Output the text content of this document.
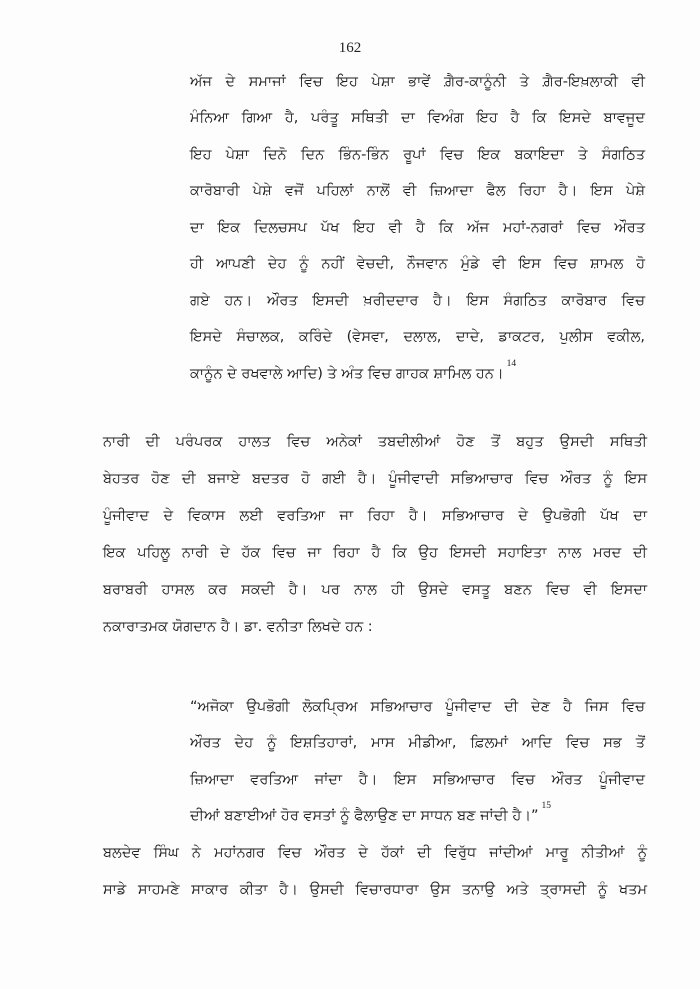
162
ਅੱਜ ਦੇ ਸਮਾਜਾਂ ਵਿਚ ਇਹ ਪੇਸ਼ਾ ਭਾਵੇਂ ਗ਼ੈਰ-ਕਾਨੂੰਨੀ ਤੇ ਗ਼ੈਰ-ਇਖ਼ਲਾਕੀ ਵੀ
ਮੰਨਿਆ ਗਿਆ ਹੈ, ਪਰੰਤੂ ਸਥਿਤੀ ਦਾ ਵਿਅੰਗ ਇਹ ਹੈ ਕਿ ਇਸਦੇ ਬਾਵਜੂਦ
ਇਹ ਪੇਸ਼ਾ ਦਿਨੋ ਦਿਨ ਭਿੰਨ-ਭਿੰਨ ਰੂਪਾਂ ਵਿਚ ਇਕ ਬਕਾਇਦਾ ਤੇ ਸੰਗਠਿਤ
ਕਾਰੋਬਾਰੀ ਪੇਸ਼ੇ ਵਜੋਂ ਪਹਿਲਾਂ ਨਾਲੋਂ ਵੀ ਜ਼ਿਆਦਾ ਫੈਲ ਰਿਹਾ ਹੈ। ਇਸ ਪੇਸ਼ੇ
ਦਾ ਇਕ ਦਿਲਚਸਪ ਪੱਖ ਇਹ ਵੀ ਹੈ ਕਿ ਅੱਜ ਮਹਾਂ-ਨਗਰਾਂ ਵਿਚ ਔਰਤ
ਹੀ ਆਪਣੀ ਦੇਹ ਨੂੰ ਨਹੀਂ ਵੇਚਦੀ, ਨੌਜਵਾਨ ਮੁੰਡੇ ਵੀ ਇਸ ਵਿਚ ਸ਼ਾਮਲ ਹੋ
ਗਏ ਹਨ। ਔਰਤ ਇਸਦੀ ਖ਼ਰੀਦਦਾਰ ਹੈ। ਇਸ ਸੰਗਠਿਤ ਕਾਰੋਬਾਰ ਵਿਚ
ਇਸਦੇ ਸੰਚਾਲਕ, ਕਰਿੰਦੇ (ਵੇਸਵਾ, ਦਲਾਲ, ਦਾਦੇ, ਡਾਕਟਰ, ਪੁਲੀਸ ਵਕੀਲ,
ਕਾਨੂੰਨ ਦੇ ਰਖਵਾਲੇ ਆਦਿ) ਤੇ ਅੰਤ ਵਿਚ ਗਾਹਕ ਸ਼ਾਮਿਲ ਹਨ।
14
ਨਾਰੀ ਦੀ ਪਰੰਪਰਕ ਹਾਲਤ ਵਿਚ ਅਨੇਕਾਂ ਤਬਦੀਲੀਆਂ ਹੋਣ ਤੋਂ ਬਹੁਤ ਉਸਦੀ ਸਥਿਤੀ
ਬੇਹਤਰ ਹੋਣ ਦੀ ਬਜਾਏ ਬਦਤਰ ਹੋ ਗਈ ਹੈ। ਪੂੰਜੀਵਾਦੀ ਸਭਿਆਚਾਰ ਵਿਚ ਔਰਤ ਨੂੰ ਇਸ
ਪੂੰਜੀਵਾਦ ਦੇ ਵਿਕਾਸ ਲਈ ਵਰਤਿਆ ਜਾ ਰਿਹਾ ਹੈ। ਸਭਿਆਚਾਰ ਦੇ ਉਪਭੋਗੀ ਪੱਖ ਦਾ
ਇਕ ਪਹਿਲੂ ਨਾਰੀ ਦੇ ਹੱਕ ਵਿਚ ਜਾ ਰਿਹਾ ਹੈ ਕਿ ਉਹ ਇਸਦੀ ਸਹਾਇਤਾ ਨਾਲ ਮਰਦ ਦੀ
ਬਰਾਬਰੀ ਹਾਸਲ ਕਰ ਸਕਦੀ ਹੈ। ਪਰ ਨਾਲ ਹੀ ਉਸਦੇ ਵਸਤੂ ਬਣਨ ਵਿਚ ਵੀ ਇਸਦਾ
ਨਕਾਰਾਤਮਕ ਯੋਗਦਾਨ ਹੈ। ਡਾ. ਵਨੀਤਾ ਲਿਖਦੇ ਹਨ :
“ਅਜੋਕਾ ਉਪਭੋਗੀ ਲੋਕਪ੍ਰਿਅ ਸਭਿਆਚਾਰ ਪੂੰਜੀਵਾਦ ਦੀ ਦੇਣ ਹੈ ਜਿਸ ਵਿਚ
ਔਰਤ ਦੇਹ ਨੂੰ ਇਸ਼ਤਿਹਾਰਾਂ, ਮਾਸ ਮੀਡੀਆ, ਫ਼ਿਲਮਾਂ ਆਦਿ ਵਿਚ ਸਭ ਤੋਂ
ਜ਼ਿਆਦਾ ਵਰਤਿਆ ਜਾਂਦਾ ਹੈ। ਇਸ ਸਭਿਆਚਾਰ ਵਿਚ ਔਰਤ ਪੂੰਜੀਵਾਦ
ਦੀਆਂ ਬਣਾਈਆਂ ਹੋਰ ਵਸਤਾਂ ਨੂੰ ਫੈਲਾਉਣ ਦਾ ਸਾਧਨ ਬਣ ਜਾਂਦੀ ਹੈ।”
15
ਬਲਦੇਵ ਸਿੰਘ ਨੇ ਮਹਾਂਨਗਰ ਵਿਚ ਔਰਤ ਦੇ ਹੱਕਾਂ ਦੀ ਵਿਰੁੱਧ ਜਾਂਦੀਆਂ ਮਾਰੂ ਨੀਤੀਆਂ ਨੂੰ
ਸਾਡੇ ਸਾਹਮਣੇ ਸਾਕਾਰ ਕੀਤਾ ਹੈ। ਉਸਦੀ ਵਿਚਾਰਧਾਰਾ ਉਸ ਤਨਾਉ ਅਤੇ ਤ੍ਰਾਸਦੀ ਨੂੰ ਖਤਮ
